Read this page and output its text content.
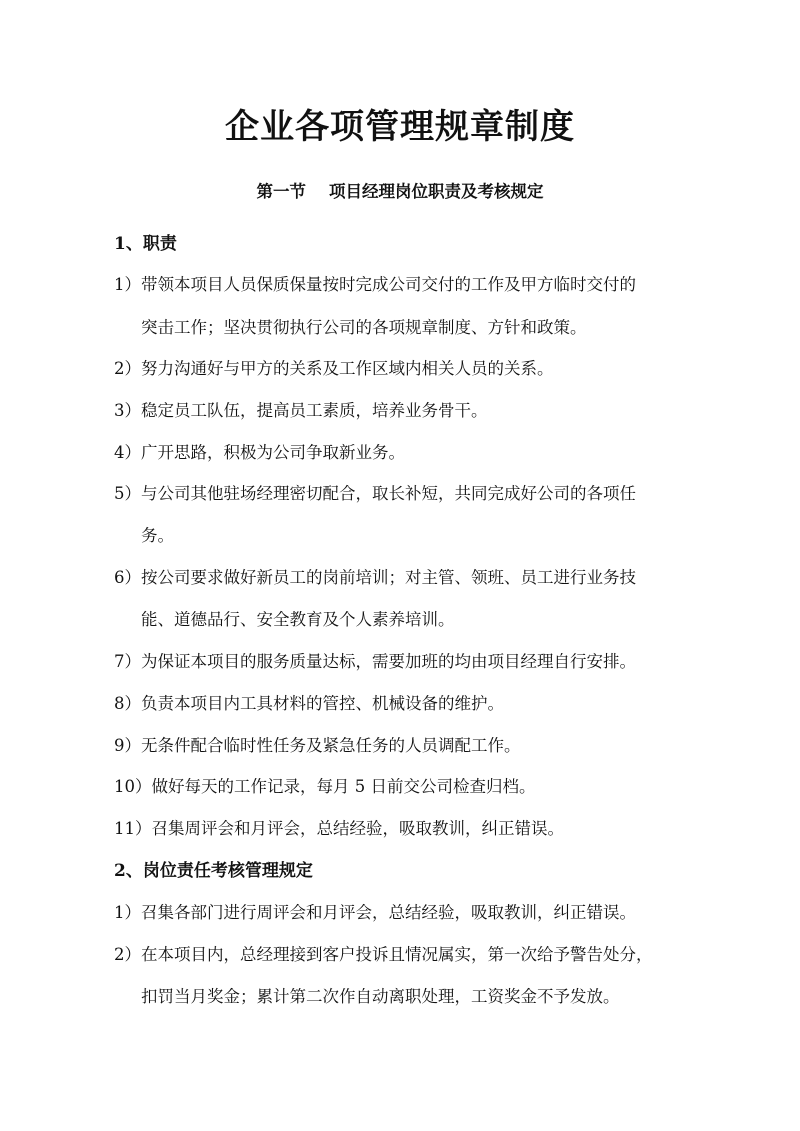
企业各项管理规章制度
第一节    项目经理岗位职责及考核规定
1、职责
1）带领本项目人员保质保量按时完成公司交付的工作及甲方临时交付的
突击工作；坚决贯彻执行公司的各项规章制度、方针和政策。
2）努力沟通好与甲方的关系及工作区域内相关人员的关系。
3）稳定员工队伍，提高员工素质，培养业务骨干。
4）广开思路，积极为公司争取新业务。
5）与公司其他驻场经理密切配合，取长补短，共同完成好公司的各项任
务。
6）按公司要求做好新员工的岗前培训；对主管、领班、员工进行业务技
能、道德品行、安全教育及个人素养培训。
7）为保证本项目的服务质量达标，需要加班的均由项目经理自行安排。
8）负责本项目内工具材料的管控、机械设备的维护。
9）无条件配合临时性任务及紧急任务的人员调配工作。
10）做好每天的工作记录，每月 5 日前交公司检查归档。
11）召集周评会和月评会，总结经验，吸取教训，纠正错误。
2、岗位责任考核管理规定
1）召集各部门进行周评会和月评会，总结经验，吸取教训，纠正错误。
2）在本项目内，总经理接到客户投诉且情况属实，第一次给予警告处分，
扣罚当月奖金；累计第二次作自动离职处理，工资奖金不予发放。
